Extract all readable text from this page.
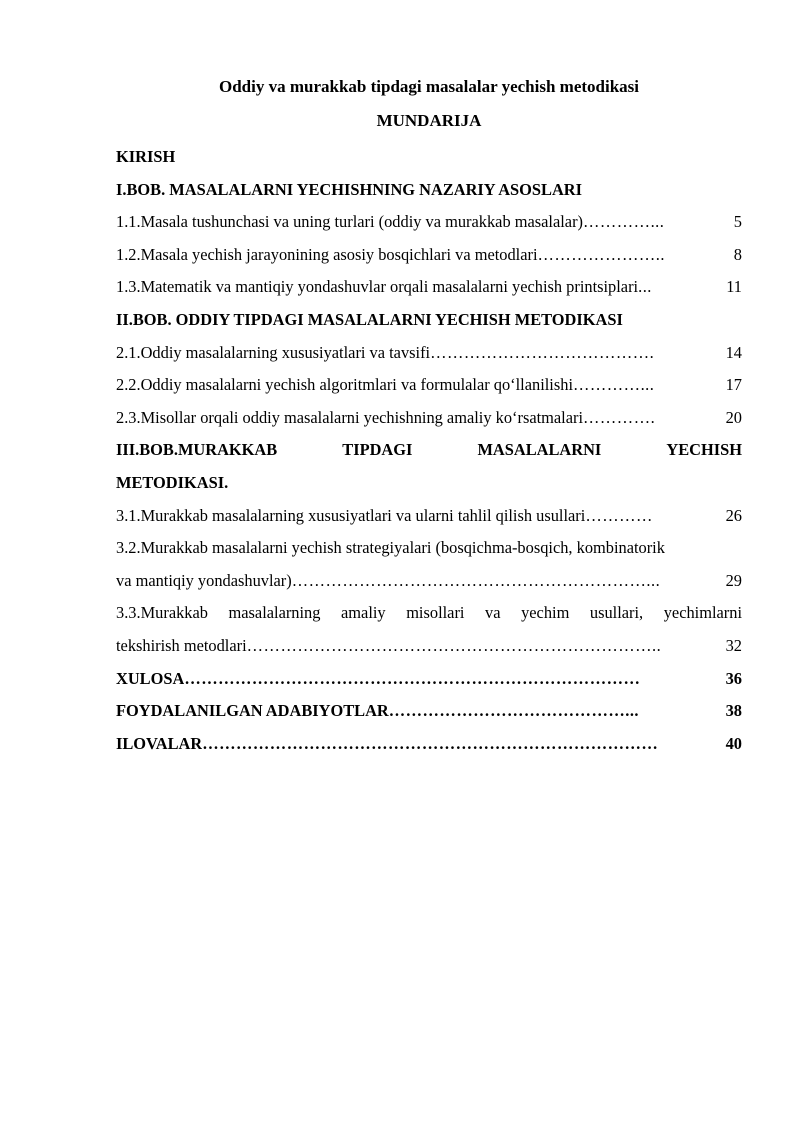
Oddiy va murakkab tipdagi masalalar yechish metodikasi
MUNDARIJA
KIRISH
I.BOB. MASALALARNI YECHISHNING NAZARIY ASOSLARI
1.1.Masala tushunchasi va uning turlari (oddiy va murakkab masalalar) …………...	5
1.2.Masala yechish jarayonining asosiy bosqichlari va metodlari …………………..	8
1.3.Matematik va mantiqiy yondashuvlar orqali masalalarni yechish printsiplari ...	11
II.BOB. ODDIY TIPDAGI MASALALARNI YECHISH METODIKASI
2.1.Oddiy masalalarning xususiyatlari va tavsifi ………………………………….	14
2.2.Oddiy masalalarni yechish algoritmlari va formulalar qo‘llanilishi …………...	17
2.3.Misollar orqali oddiy masalalarni yechishning amaliy ko‘rsatmalari ………….	20
III.BOB.MURAKKAB	TIPDAGI	MASALALARNI	YECHISH
METODIKASI.
3.1.Murakkab masalalarning xususiyatlari va ularni tahlil qilish usullari …………	26
3.2.Murakkab masalalarni yechish strategiyalari (bosqichma-bosqich, kombinatorik
va mantiqiy yondashuvlar) ………………………………………………………...	29
3.3.Murakkab masalalarning amaliy misollari va yechim usullari, yechimlarni
tekshirish metodlari ………………………………………………………………..	32
XULOSA ………………………………………………………………………	36
FOYDALANILGAN ADABIYOTLAR ……………………………………...	38
ILOVALAR ………………………………………………………………………	40
